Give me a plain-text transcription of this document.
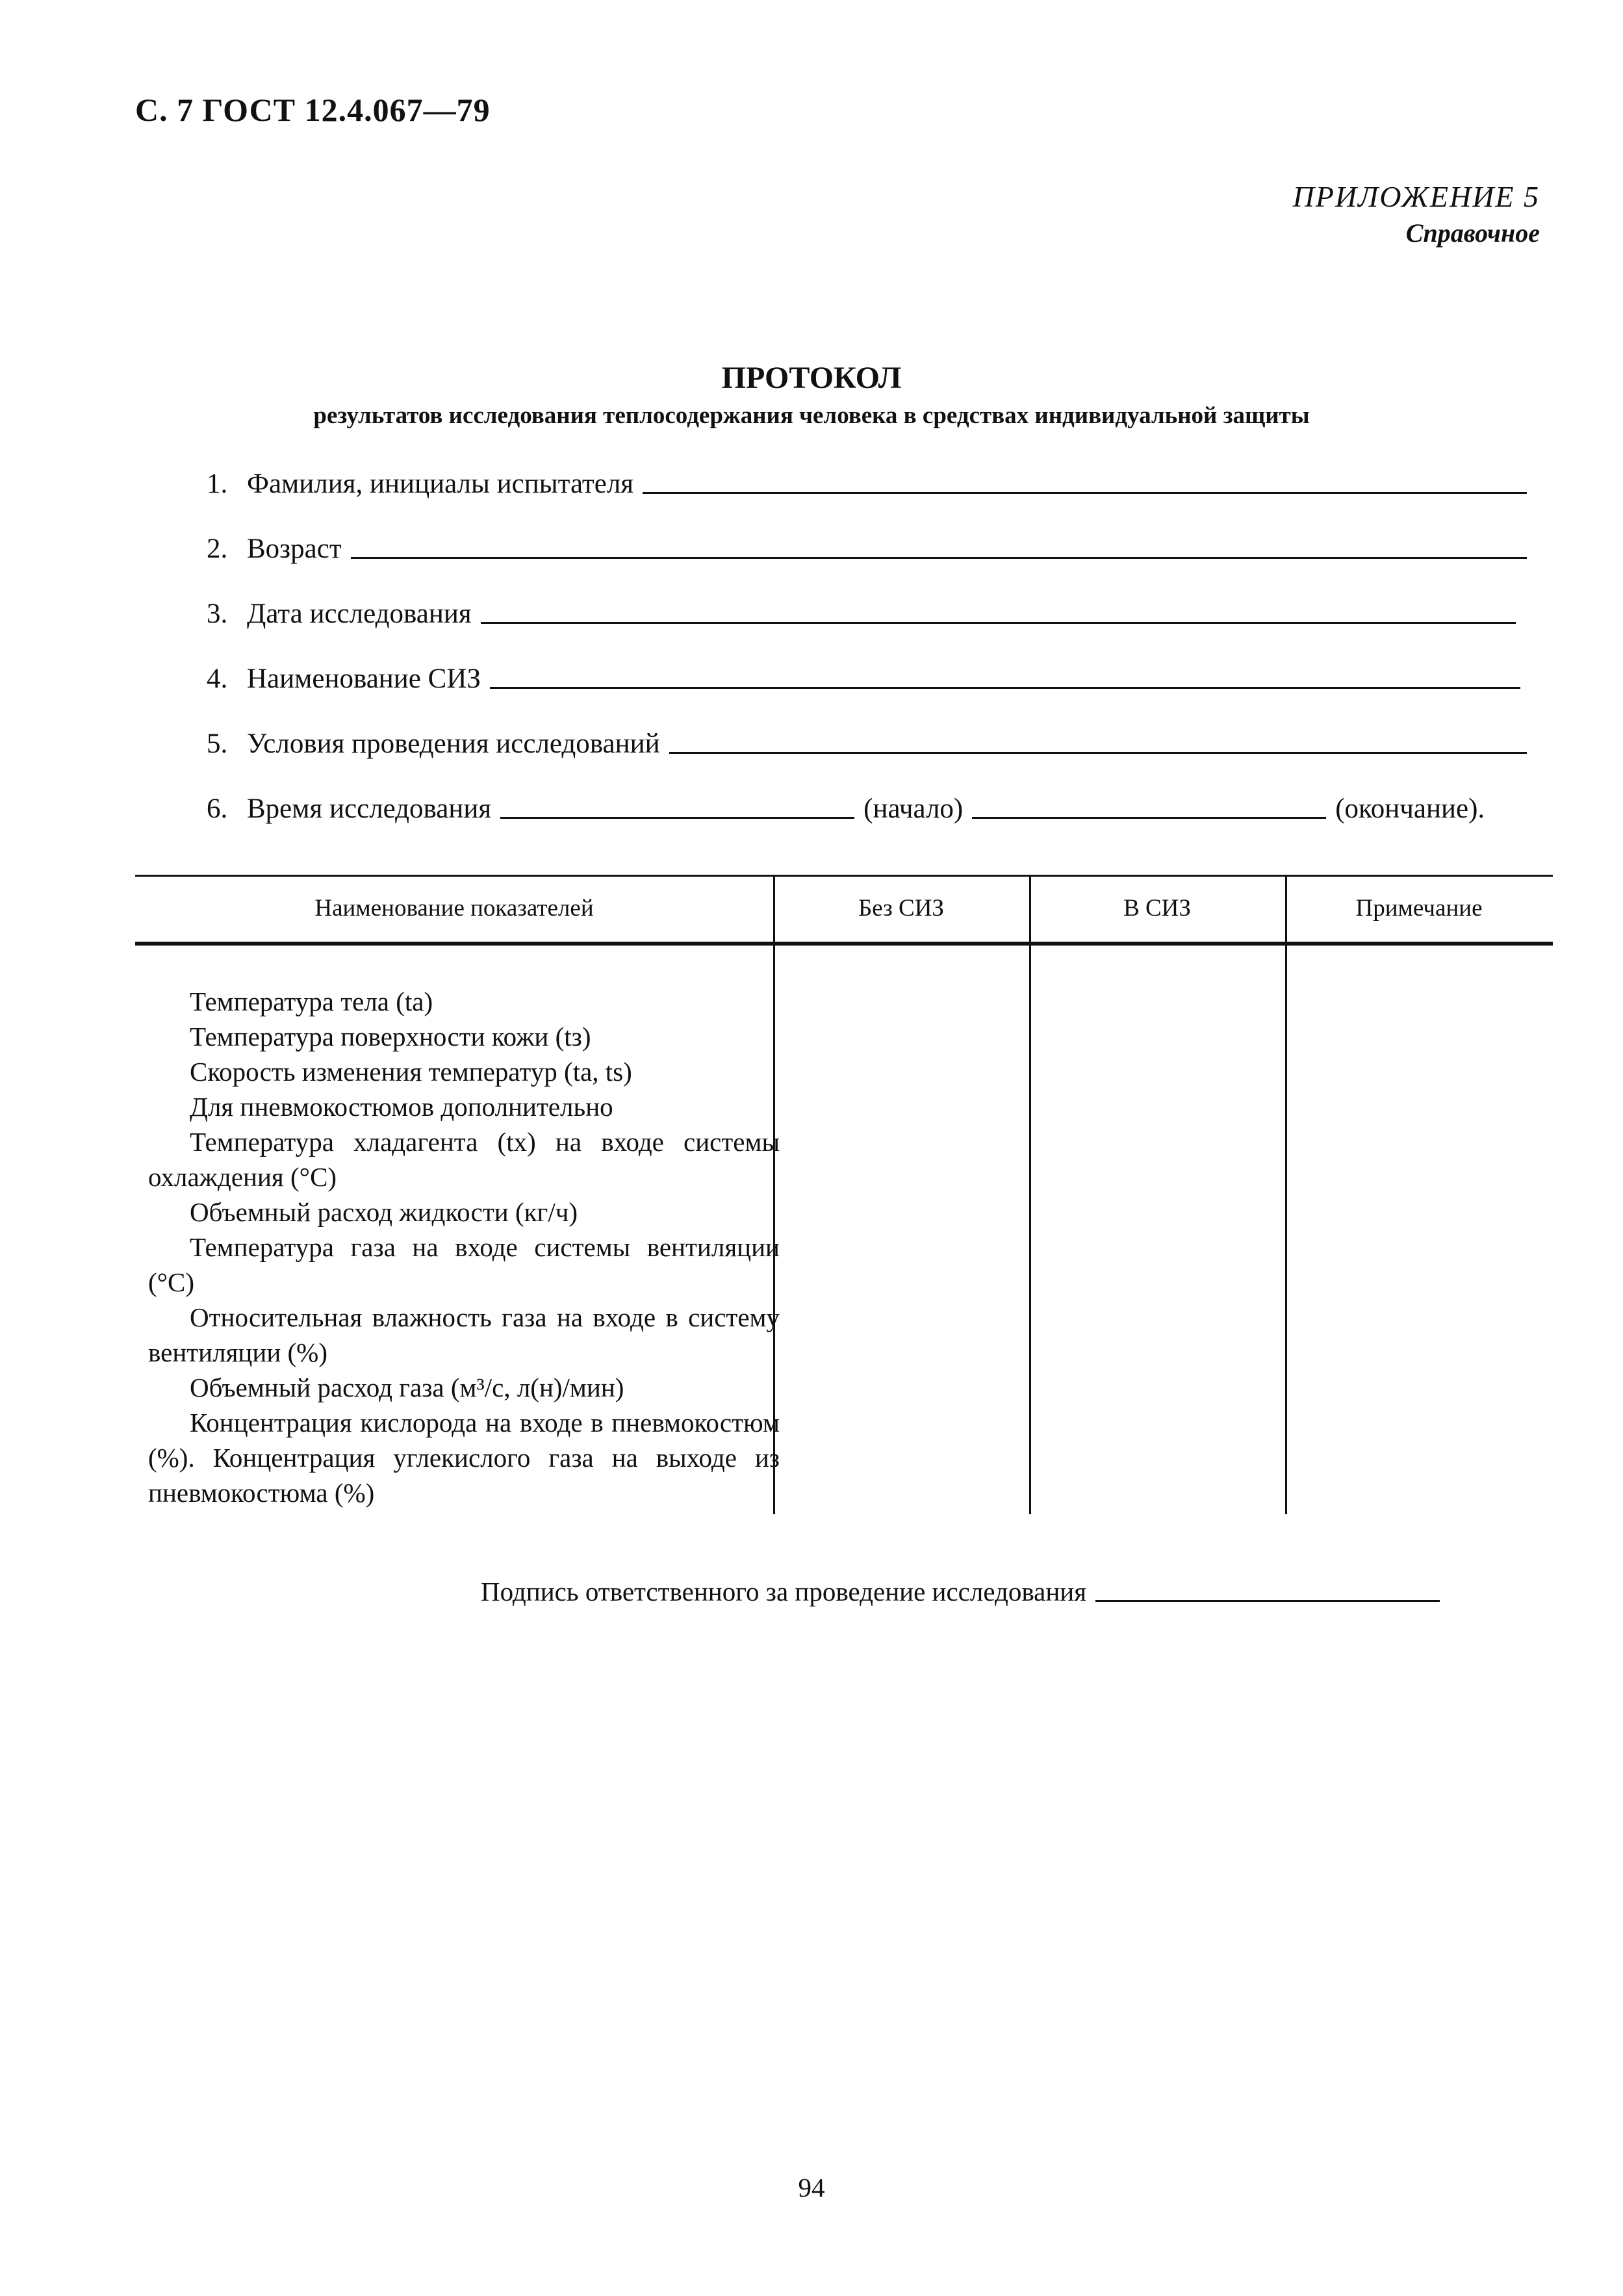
С. 7 ГОСТ 12.4.067—79
ПРИЛОЖЕНИЕ 5
Справочное
ПРОТОКОЛ
результатов исследования теплосодержания человека в средствах индивидуальной защиты
1. Фамилия, инициалы испытателя
2. Возраст
3. Дата исследования
4. Наименование СИЗ
5. Условия проведения исследований
6. Время исследования	(начало)	(окончание).
Наименование показателей	Без СИЗ	В СИЗ	Примечание
Температура тела (tа)
Температура поверхности кожи (tз)
Скорость изменения температур (tа, ts)
Для пневмокостюмов дополнительно
Температура хладагента (tх) на входе системы охлаждения (°С)
Объемный расход жидкости (кг/ч)
Температура газа на входе системы вентиляции (°С)
Относительная влажность газа на входе в систему вентиляции (%)
Объемный расход газа (м³/с, л(н)/мин)
Концентрация кислорода на входе в пневмокостюм (%). Концентрация углекислого газа на выходе из пневмокостюма (%)
Подпись ответственного за проведение исследования
94
